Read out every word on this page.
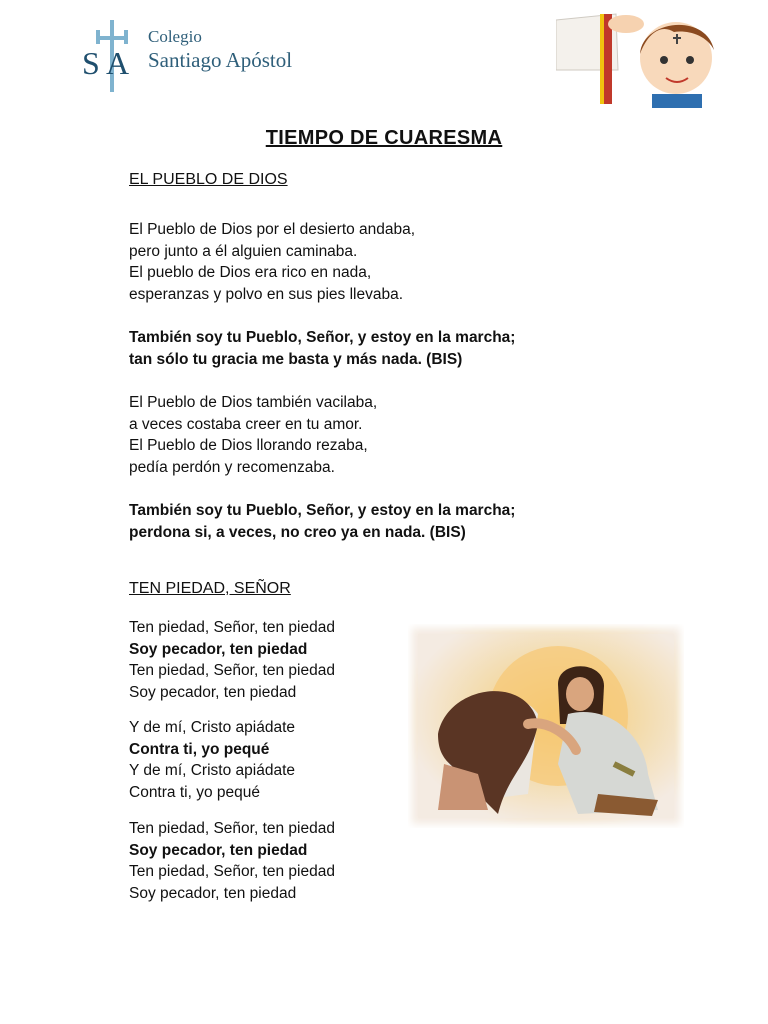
S A
Colegio
Santiago Apóstol
TIEMPO DE CUARESMA
EL PUEBLO DE DIOS
El Pueblo de Dios por el desierto andaba,
pero junto a él alguien caminaba.
El pueblo de Dios era rico en nada,
esperanzas y polvo en sus pies llevaba.
También soy tu Pueblo, Señor, y estoy en la marcha;
tan sólo tu gracia me basta y más nada. (BIS)
El Pueblo de Dios también vacilaba,
a veces costaba creer en tu amor.
El Pueblo de Dios llorando rezaba,
pedía perdón y recomenzaba.
También soy tu Pueblo, Señor, y estoy en la marcha;
perdona si, a veces, no creo ya en nada. (BIS)
TEN PIEDAD, SEÑOR
Ten piedad, Señor, ten piedad
Soy pecador, ten piedad
Ten piedad, Señor, ten piedad
Soy pecador, ten piedad
Y de mí, Cristo apiádate
Contra ti, yo pequé
Y de mí, Cristo apiádate
Contra ti, yo pequé
Ten piedad, Señor, ten piedad
Soy pecador, ten piedad
Ten piedad, Señor, ten piedad
Soy pecador, ten piedad
